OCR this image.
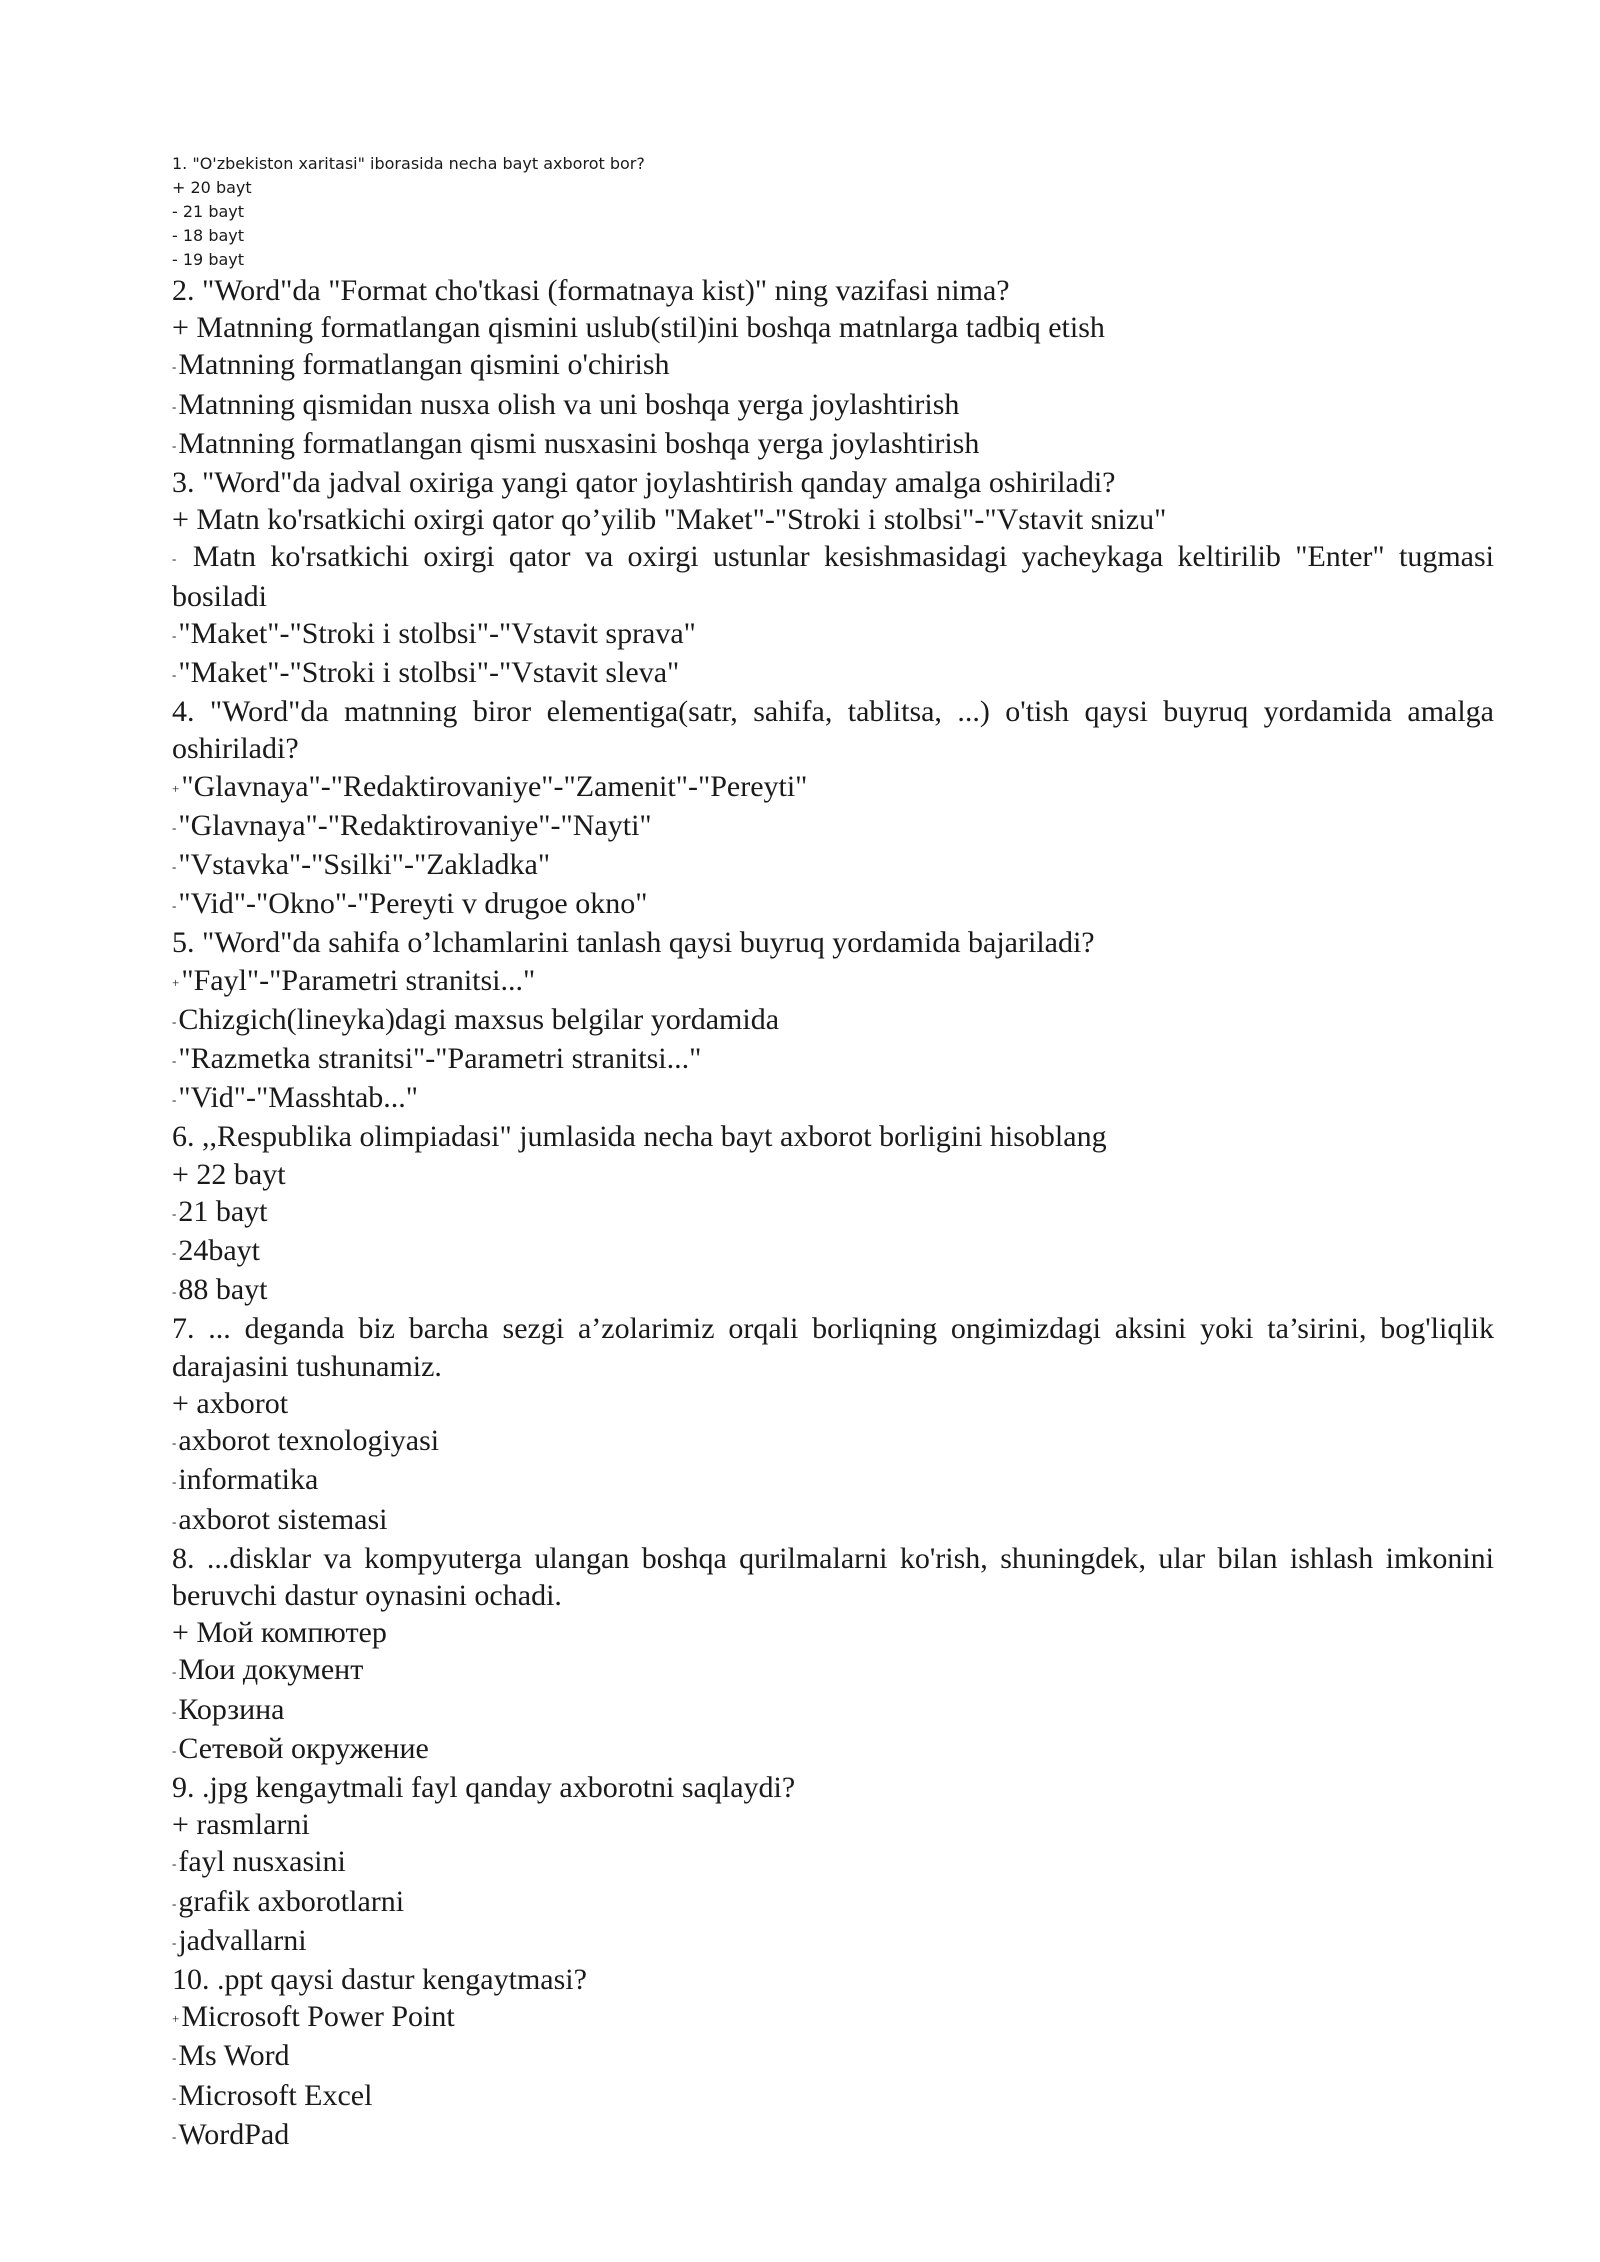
1. "O'zbekiston xaritasi" iborasida necha bayt axborot bor?
+ 20 bayt
- 21 bayt
- 18 bayt
- 19 bayt
2. "Word"da "Format cho'tkasi (formatnaya kist)" ning vazifasi nima?
+ Matnning formatlangan qismini uslub(stil)ini boshqa matnlarga tadbiq etish
-Matnning formatlangan qismini o'chirish
-Matnning qismidan nusxa olish va uni boshqa yerga joylashtirish
-Matnning formatlangan qismi nusxasini boshqa yerga joylashtirish
3. "Word"da jadval oxiriga yangi qator joylashtirish qanday amalga oshiriladi?
+ Matn ko'rsatkichi oxirgi qator qo’yilib "Maket"-"Stroki i stolbsi"-"Vstavit snizu"
- Matn ko'rsatkichi oxirgi qator va oxirgi ustunlar kesishmasidagi yacheykaga keltirilib "Enter" tugmasi bosiladi
-"Maket"-"Stroki i stolbsi"-"Vstavit sprava"
-"Maket"-"Stroki i stolbsi"-"Vstavit sleva"
4. "Word"da matnning biror elementiga(satr, sahifa, tablitsa, ...) o'tish qaysi buyruq yordamida amalga oshiriladi?
+"Glavnaya"-"Redaktirovaniye"-"Zamenit"-"Pereyti"
-"Glavnaya"-"Redaktirovaniye"-"Nayti"
-"Vstavka"-"Ssilki"-"Zakladka"
-"Vid"-"Okno"-"Pereyti v drugoe okno"
5. "Word"da sahifa o’lchamlarini tanlash qaysi buyruq yordamida bajariladi?
+"Fayl"-"Parametri stranitsi..."
-Chizgich(lineyka)dagi maxsus belgilar yordamida
-"Razmetka stranitsi"-"Parametri stranitsi..."
-"Vid"-"Masshtab..."
6. ,,Respublika olimpiadasi" jumlasida necha bayt axborot borligini hisoblang
+ 22 bayt
-21 bayt
-24bayt
-88 bayt
7. ... deganda biz barcha sezgi a’zolarimiz orqali borliqning ongimizdagi aksini yoki ta’sirini, bog'liqlik darajasini tushunamiz.
+ axborot
-axborot texnologiyasi
-informatika
-axborot sistemasi
8. ...disklar va kompyuterga ulangan boshqa qurilmalarni ko'rish, shuningdek, ular bilan ishlash imkonini beruvchi dastur oynasini ochadi.
+ Мой компютер
-Мои документ
-Корзина
-Сетевой окружение
9. .jpg kengaytmali fayl qanday axborotni saqlaydi?
+ rasmlarni
-fayl nusxasini
-grafik axborotlarni
-jadvallarni
10. .ppt qaysi dastur kengaytmasi?
+Microsoft Power Point
-Ms Word
-Microsoft Excel
-WordPad
